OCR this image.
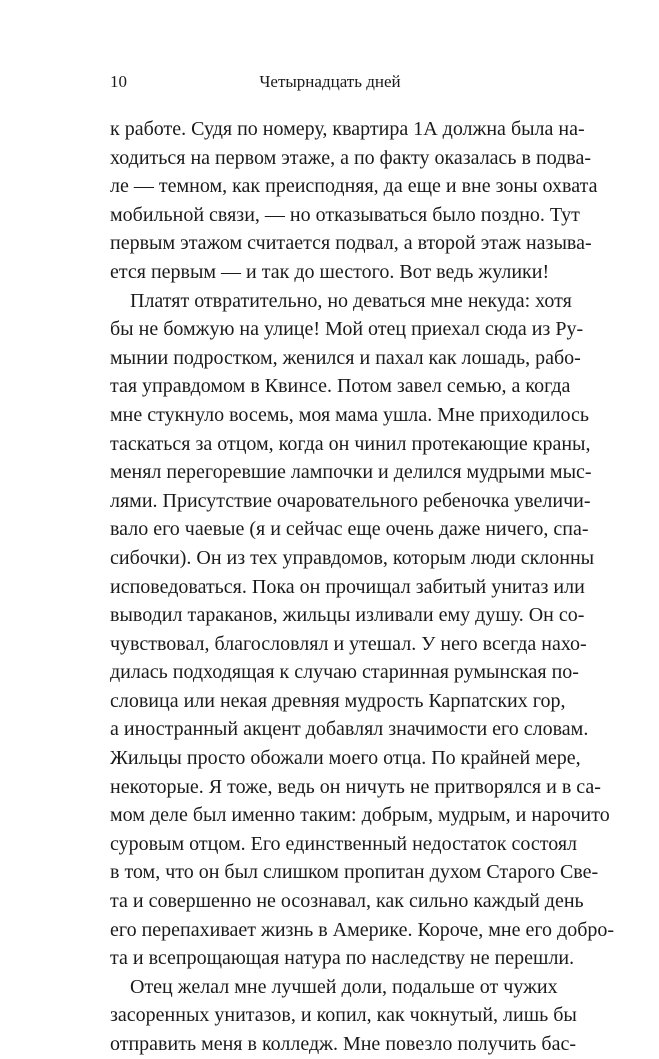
10	Четырнадцать дней
к работе. Судя по номеру, квартира 1А должна была на-
ходиться на первом этаже, а по факту оказалась в подва-
ле — темном, как преисподняя, да еще и вне зоны охвата
мобильной связи, — но отказываться было поздно. Тут
первым этажом считается подвал, а второй этаж называ-
ется первым — и так до шестого. Вот ведь жулики!
Платят отвратительно, но деваться мне некуда: хотя
бы не бомжую на улице! Мой отец приехал сюда из Ру-
мынии подростком, женился и пахал как лошадь, рабо-
тая управдомом в Квинсе. Потом завел семью, а когда
мне стукнуло восемь, моя мама ушла. Мне приходилось
таскаться за отцом, когда он чинил протекающие краны,
менял перегоревшие лампочки и делился мудрыми мыс-
лями. Присутствие очаровательного ребеночка увеличи-
вало его чаевые (я и сейчас еще очень даже ничего, спа-
сибочки). Он из тех управдомов, которым люди склонны
исповедоваться. Пока он прочищал забитый унитаз или
выводил тараканов, жильцы изливали ему душу. Он со-
чувствовал, благословлял и утешал. У него всегда нахо-
дилась подходящая к случаю старинная румынская по-
словица или некая древняя мудрость Карпатских гор,
а иностранный акцент добавлял значимости его словам.
Жильцы просто обожали моего отца. По крайней мере,
некоторые. Я тоже, ведь он ничуть не притворялся и в са-
мом деле был именно таким: добрым, мудрым, и нарочито
суровым отцом. Его единственный недостаток состоял
в том, что он был слишком пропитан духом Старого Све-
та и совершенно не осознавал, как сильно каждый день
его перепахивает жизнь в Америке. Короче, мне его добро-
та и всепрощающая натура по наследству не перешли.
Отец желал мне лучшей доли, подальше от чужих
засоренных унитазов, и копил, как чокнутый, лишь бы
отправить меня в колледж. Мне повезло получить бас-
